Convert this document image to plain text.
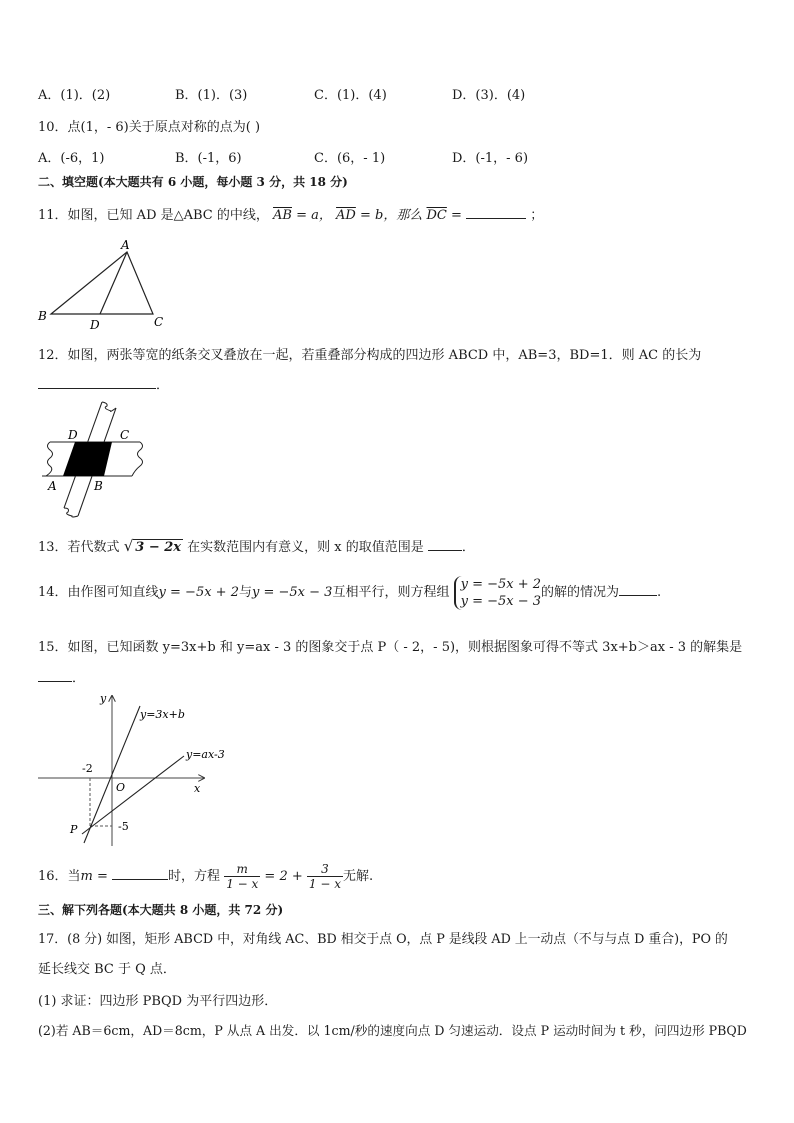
A．(1)．(2)	B．(1)．(3)	C．(1)．(4)	D．(3)．(4)
10．点(1，- 6)关于原点对称的点为( )
A．(-6，1)	B．(-1，6)	C．(6，- 1)	D．(-1，- 6)
二、填空题(本大题共有 6 小题，每小题 3 分，共 18 分)
11．如图，已知 AD 是△ABC 的中线， $\overline{AB} = a$， $\overline{AD} = b$，那么 $\overline{DC}$ =	；
A
B
D	C
12．如图，两张等宽的纸条交叉叠放在一起，若重叠部分构成的四边形 ABCD 中，AB=3，BD=1．则 AC 的长为
．
D	C
A	B
13．若代数式 √ 3 − 2x 在实数范围内有意义，则 x 的取值范围是	．
14．由作图可知直线y = −5x + 2与y = −5x − 3互相平行，则方程组
y = −5x + 2
y = −5x − 3
的解的情况为	.
15．如图，已知函数 y=3x+b 和 y=ax - 3 的图象交于点 P（ - 2，- 5)，则根据图象可得不等式 3x+b＞ax - 3 的解集是
．
y
x
O
y=3x+b
y=ax-3
-2
-5
P
16．当m =	时，方程 $\frac{m}{1 - x} = 2 + \frac{3}{1 - x}$ 无解.
三、解下列各题(本大题共 8 小题，共 72 分)
17．(8 分) 如图，矩形 ABCD 中，对角线 AC、BD 相交于点 O，点 P 是线段 AD 上一动点（不与与点 D 重合)，PO 的
延长线交 BC 于 Q 点．
(1) 求证：四边形 PBQD 为平行四边形．
(2)若 AB＝6cm，AD＝8cm，P 从点 A 出发．以 1cm/秒的速度向点 D 匀速运动．设点 P 运动时间为 t 秒，问四边形 PBQD
